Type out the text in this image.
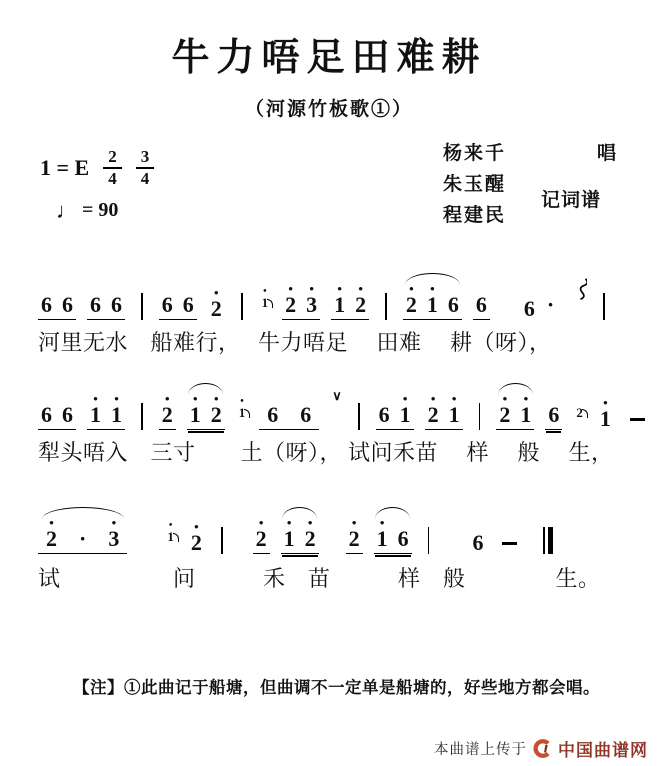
牛力唔足田难耕
（河源竹板歌①）
1 = E $\frac{2}{4} \frac{3}{4}$
♩ = 90
杨来千	唱
朱玉醒
记词谱
程建民

6
6
6
6
6
6 •
2
•
1
•
2
•
3
•
1
•
2
•
2
•
1
6
6
6 ·
河里无水　船难行，　 牛力唔足　 田难　 耕（呀），

6
6
•
1
•
1
•
2
•
1
•
2
•
1
6
6
∨

6
•
1
•
2
•
1
•
2
•
1
6
2
•
1
犁头唔入　三寸　　土（呀）， 试问禾苗　 样　 般　 生，
•
2
·
•
3
•
1
•
2
•
2
•
1
•
2
•
2
•
1
6
	6
试　　　　　问　　　禾　苗　　　样　般　　　　生。
【注】①此曲记于船塘，但曲调不一定单是船塘的，好些地方都会唱。
本曲谱上传于 中国曲谱网
